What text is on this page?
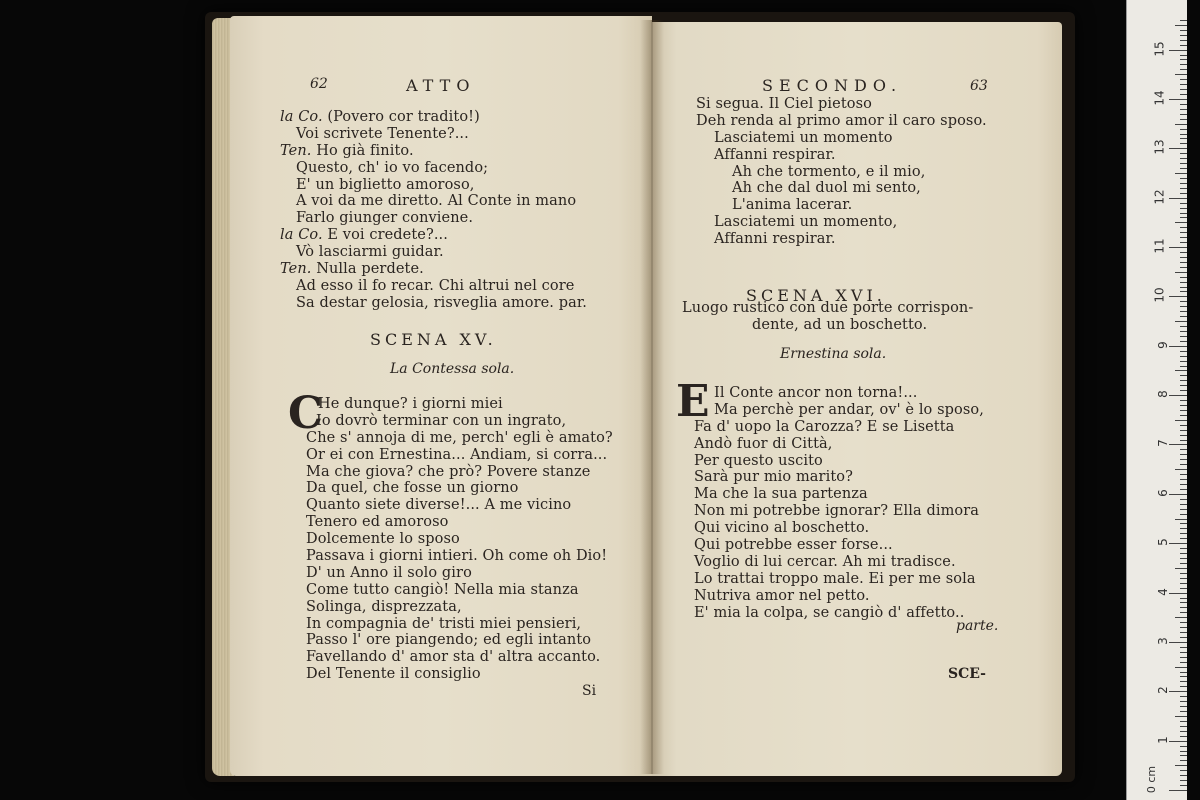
62	ATTO
la Co. (Povero cor tradito!)
Voi scrivete Tenente?...
Ten. Ho già finito.
Questo, ch' io vo facendo;
E' un biglietto amoroso,
A voi da me diretto. Al Conte in mano
Farlo giunger conviene.
la Co. E voi credete?...
Vò lasciarmi guidar.
Ten. Nulla perdete.
Ad esso il fo recar. Chi altrui nel core
Sa destar gelosia, risveglia amore. par.
SCENA XV.
La Contessa sola.
C
He dunque? i giorni miei
Io dovrò terminar con un ingrato,
Che s' annoja di me, perch' egli è amato?
Or ei con Ernestina... Andiam, si corra...
Ma che giova? che prò? Povere stanze
Da quel, che fosse un giorno
Quanto siete diverse!... A me vicino
Tenero ed amoroso
Dolcemente lo sposo
Passava i giorni intieri. Oh come oh Dio!
D' un Anno il solo giro
Come tutto cangiò! Nella mia stanza
Solinga, disprezzata,
In compagnia de' tristi miei pensieri,
Passo l' ore piangendo; ed egli intanto
Favellando d' amor sta d' altra accanto.
Del Tenente il consiglio
Si
SECONDO.	63
Si segua. Il Ciel pietoso
Deh renda al primo amor il caro sposo.
Lasciatemi un momento
Affanni respirar.
Ah che tormento, e il mio,
Ah che dal duol mi sento,
L'anima lacerar.
Lasciatemi un momento,
Affanni respirar.
SCENA XVI.
Luogo rustico con due porte corrispon-
dente, ad un boschetto.
Ernestina sola.
E Il Conte ancor non torna!...
Ma perchè per andar, ov' è lo sposo,
Fa d' uopo la Carozza? E se Lisetta
Andò fuor di Città,
Per questo uscito
Sarà pur mio marito?
Ma che la sua partenza
Non mi potrebbe ignorar? Ella dimora
Qui vicino al boschetto.
Qui potrebbe esser forse...
Voglio di lui cercar. Ah mi tradisce.
Lo trattai troppo male. Ei per me sola
Nutriva amor nel petto.
E' mia la colpa, se cangiò d' affetto..
parte.
SCE-
0 cm
1
2
3
4
5
6
7
8
9
10
11
12
13
14
15
